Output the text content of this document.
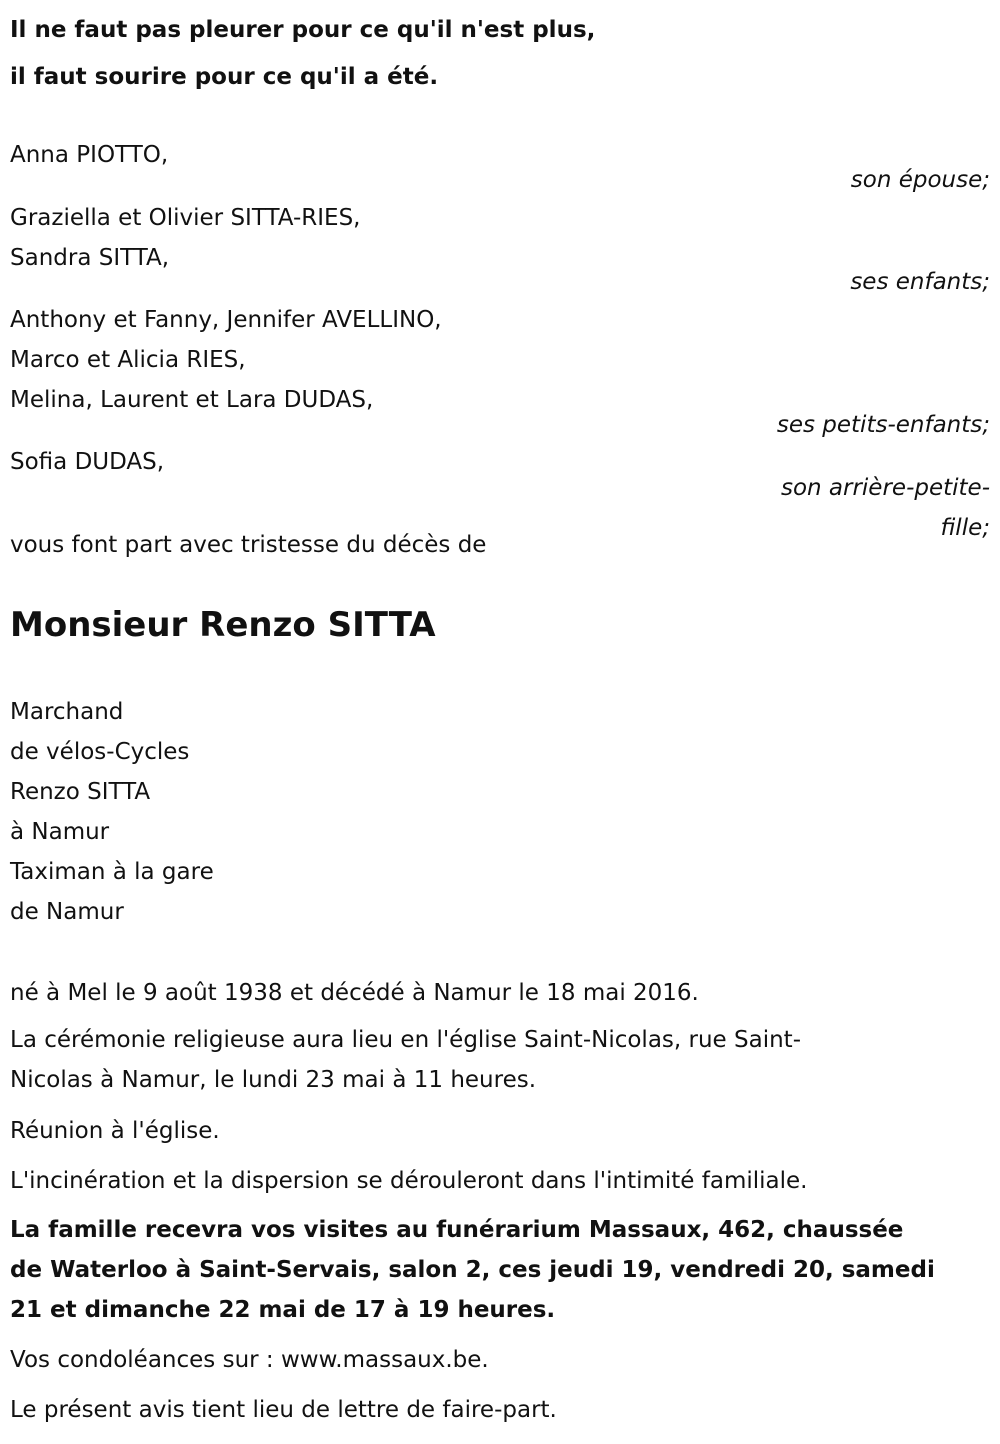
Il ne faut pas pleurer pour ce qu'il n'est plus,
il faut sourire pour ce qu'il a été.
Anna PIOTTO,
son épouse;
Graziella et Olivier SITTA-RIES,
Sandra SITTA,
ses enfants;
Anthony et Fanny, Jennifer AVELLINO,
Marco et Alicia RIES,
Melina, Laurent et Lara DUDAS,
ses petits-enfants;
Sofia DUDAS,
son arrière-petite-
fille;
vous font part avec tristesse du décès de
Monsieur Renzo SITTA
Marchand
de vélos-Cycles
Renzo SITTA
à Namur
Taximan à la gare
de Namur
né à Mel le 9 août 1938 et décédé à Namur le 18 mai 2016.
La cérémonie religieuse aura lieu en l'église Saint-Nicolas, rue Saint-
Nicolas à Namur, le lundi 23 mai à 11 heures.
Réunion à l'église.
L'incinération et la dispersion se dérouleront dans l'intimité familiale.
La famille recevra vos visites au funérarium Massaux, 462, chaussée
de Waterloo à Saint-Servais, salon 2, ces jeudi 19, vendredi 20, samedi
21 et dimanche 22 mai de 17 à 19 heures.
Vos condoléances sur : www.massaux.be.
Le présent avis tient lieu de lettre de faire-part.
